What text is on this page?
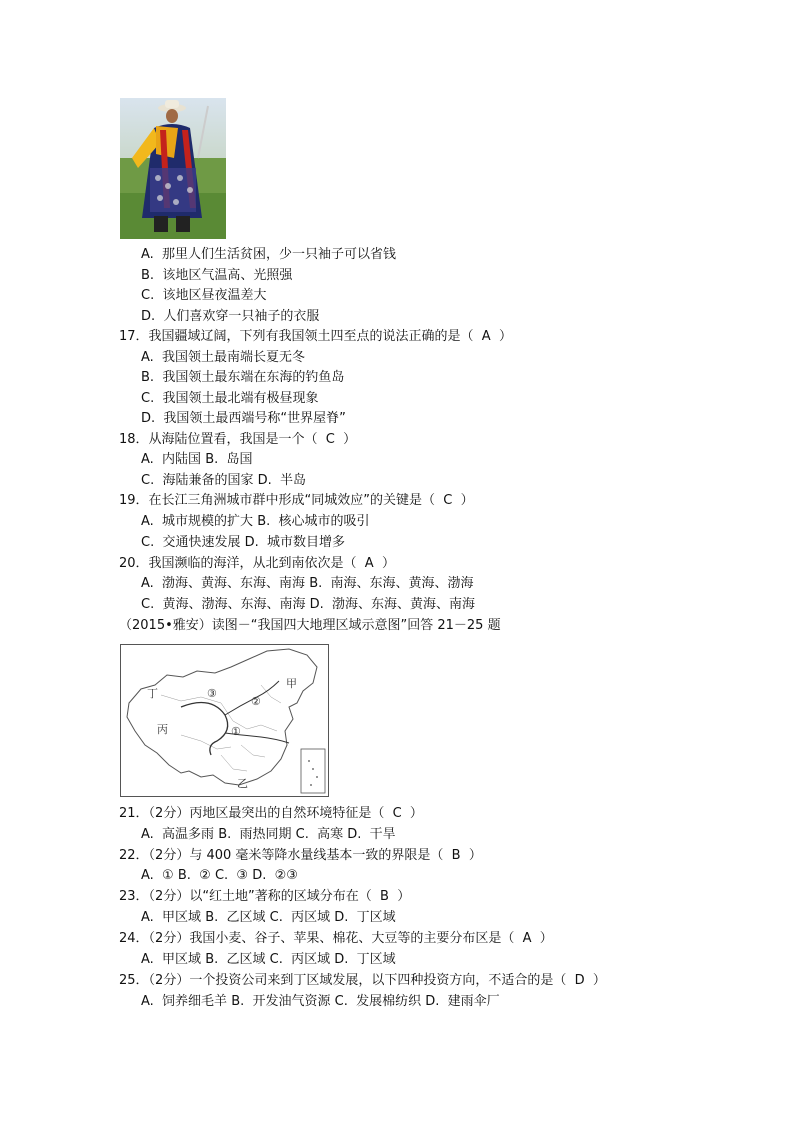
A.  那里人们生活贫困，少一只袖子可以省钱
B.  该地区气温高、光照强
C.  该地区昼夜温差大
D.  人们喜欢穿一只袖子的衣服
17．我国疆域辽阔，下列有我国领土四至点的说法正确的是（  A  ）
A.  我国领土最南端长夏无冬
B.  我国领土最东端在东海的钓鱼岛
C.  我国领土最北端有极昼现象
D.  我国领土最西端号称“世界屋脊”
18．从海陆位置看，我国是一个（  C  ）
A.  内陆国 B.  岛国
C.  海陆兼备的国家 D.  半岛
19．在长江三角洲城市群中形成“同城效应”的关键是（  C  ）
A.  城市规模的扩大 B.  核心城市的吸引
C.  交通快速发展 D.  城市数目增多
20．我国濒临的海洋，从北到南依次是（  A  ）
A.  渤海、黄海、东海、南海 B.  南海、东海、黄海、渤海
C.  黄海、渤海、东海、南海 D.  渤海、东海、黄海、南海
（2015•雅安）读图－“我国四大地理区域示意图”回答 21－25 题
甲
乙
丙
丁
①
②
③
21．（2分）丙地区最突出的自然环境特征是（  C  ）
A.  高温多雨 B.  雨热同期 C.  高寒 D.  干旱
22．（2分）与 400 毫米等降水量线基本一致的界限是（  B  ）
A.  ① B.  ② C.  ③ D.  ②③
23．（2分）以“红土地”著称的区域分布在（  B  ）
A.  甲区域 B.  乙区域 C.  丙区域 D.  丁区域
24．（2分）我国小麦、谷子、苹果、棉花、大豆等的主要分布区是（  A  ）
A.  甲区域 B.  乙区域 C.  丙区域 D.  丁区域
25．（2分）一个投资公司来到丁区域发展，以下四种投资方向，不适合的是（  D  ）
A.  饲养细毛羊 B.  开发油气资源 C.  发展棉纺织 D.  建雨伞厂
